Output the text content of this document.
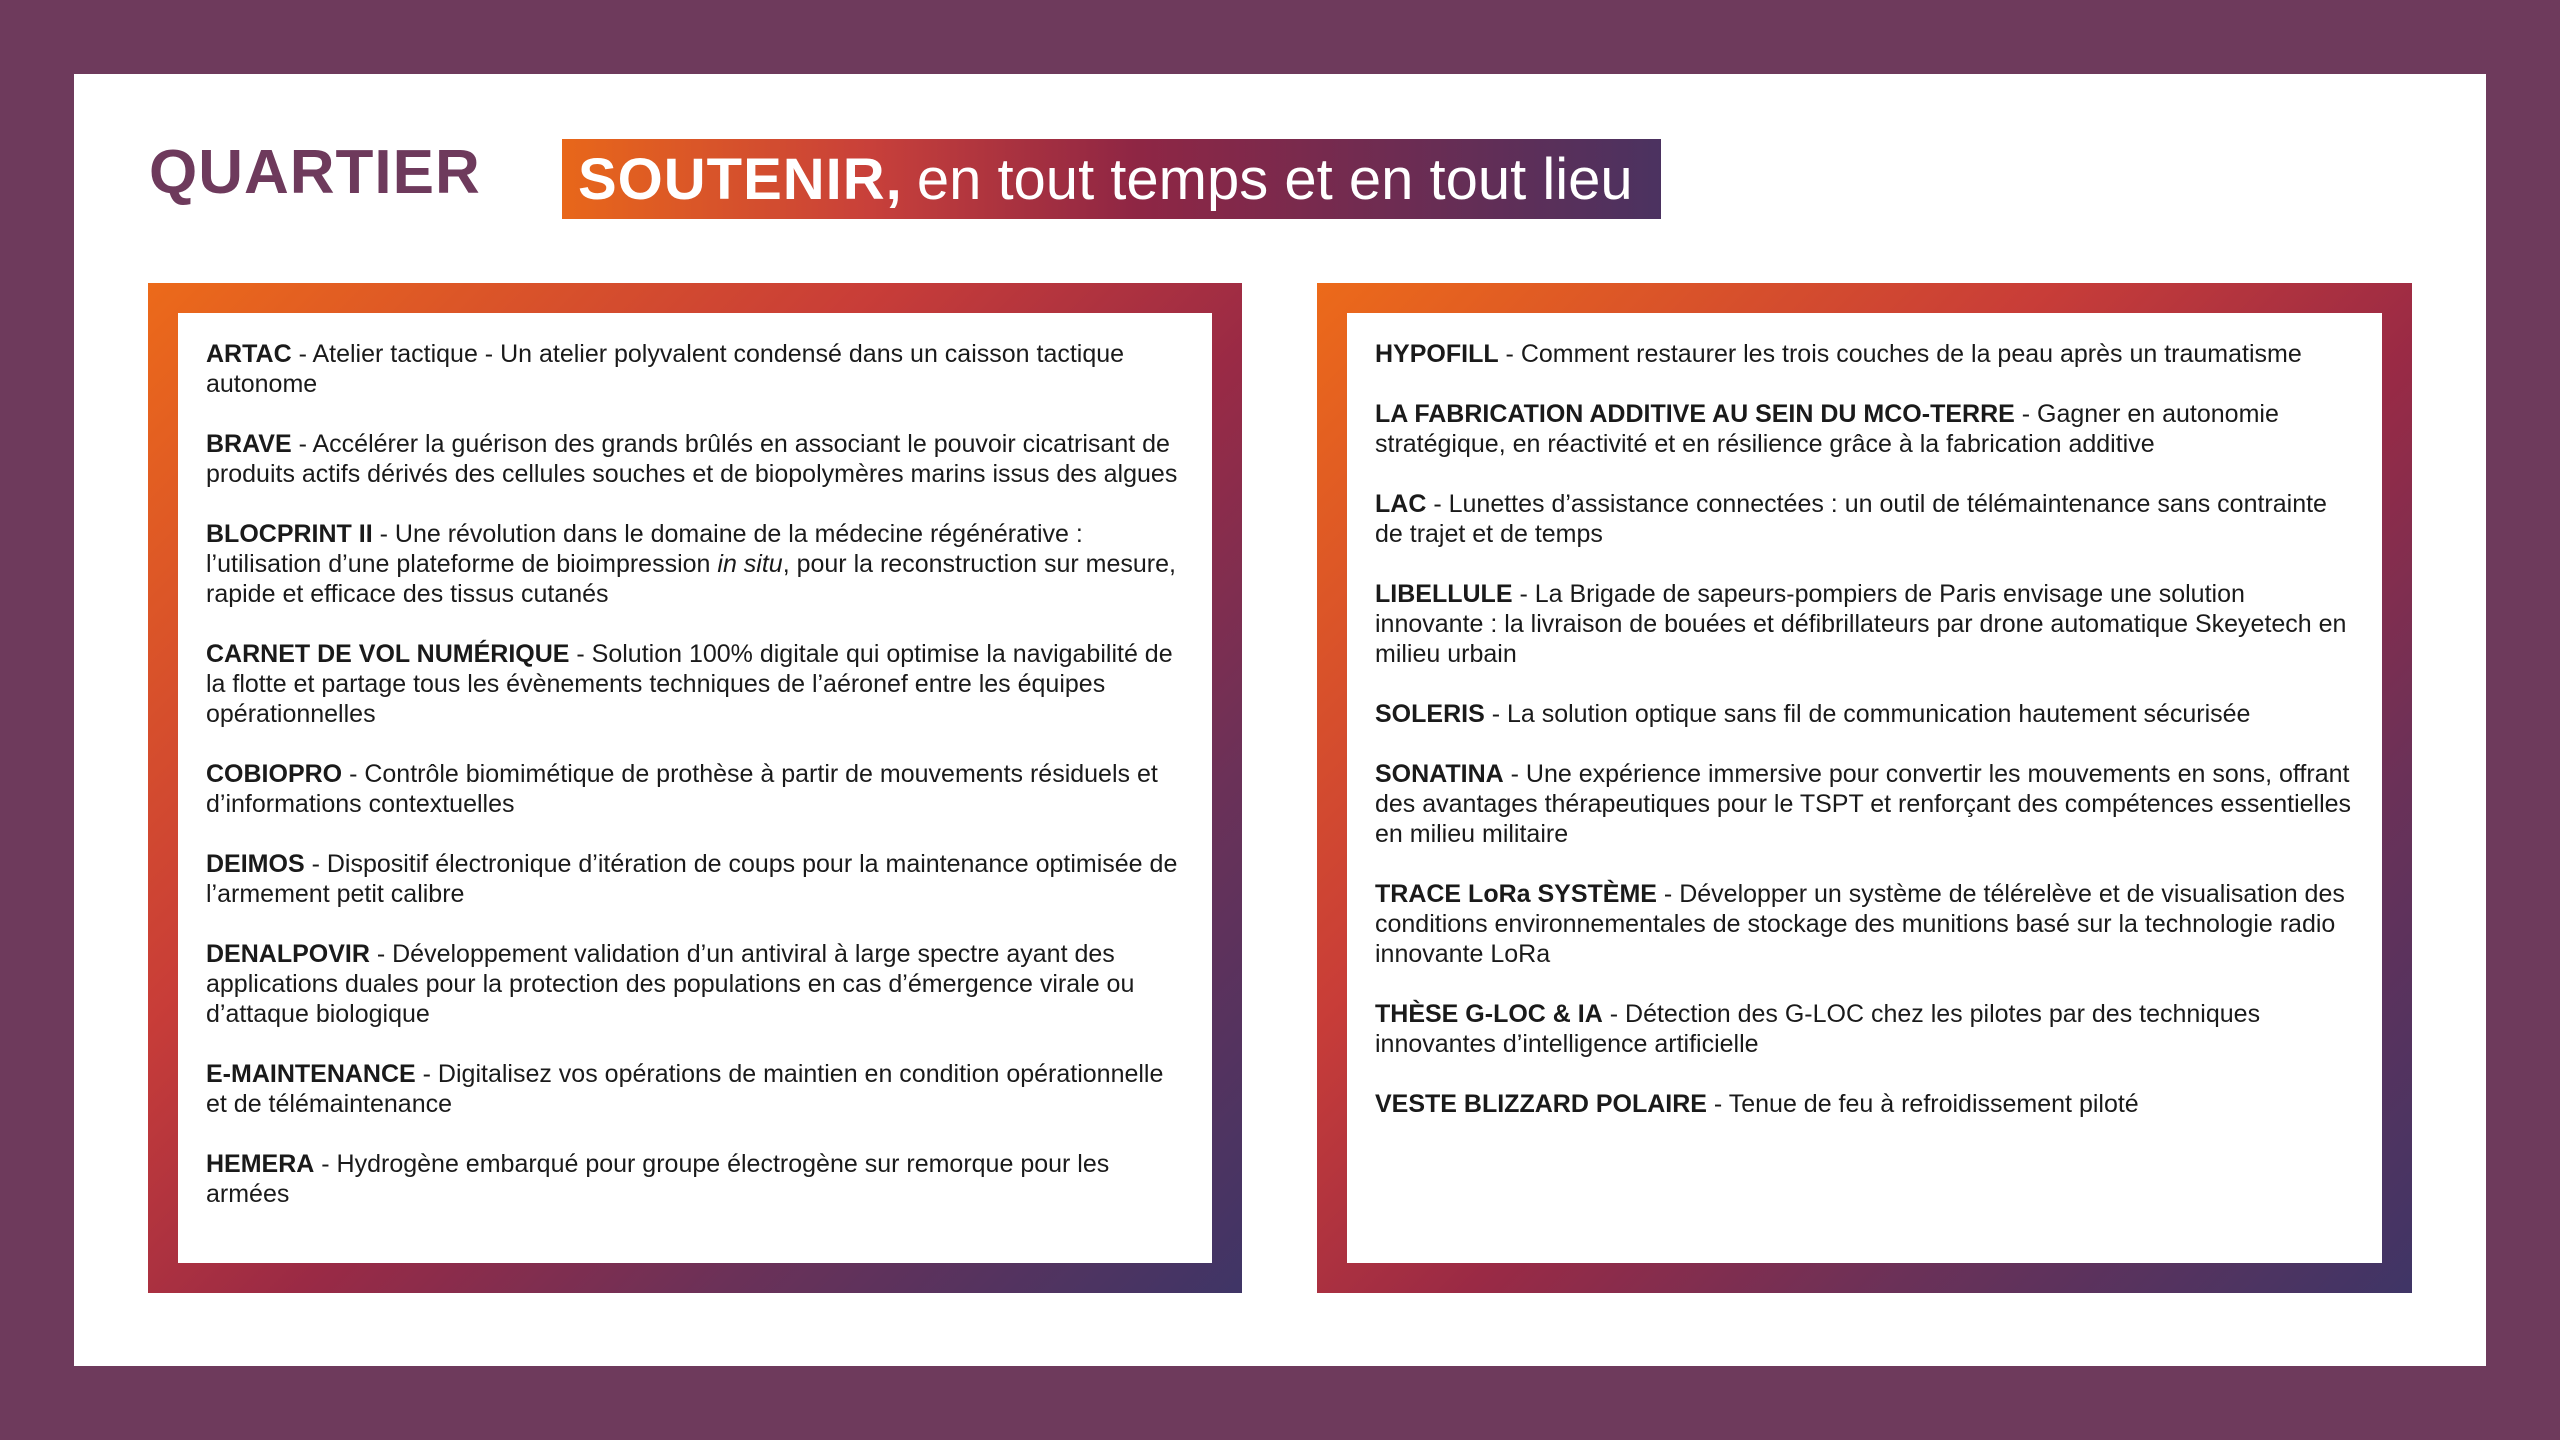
QUARTIER SOUTENIR, en tout temps et en tout lieu

ARTAC - Atelier tactique - Un atelier polyvalent condensé dans un caisson tactique autonome

BRAVE - Accélérer la guérison des grands brûlés en associant le pouvoir cicatrisant de produits actifs dérivés des cellules souches et de biopolymères marins issus des algues

BLOCPRINT II - Une révolution dans le domaine de la médecine régénérative : l’utilisation d’une plateforme de bioimpression in situ, pour la reconstruction sur mesure, rapide et efficace des tissus cutanés

CARNET DE VOL NUMÉRIQUE - Solution 100% digitale qui optimise la navigabilité de la flotte et partage tous les évènements techniques de l’aéronef entre les équipes opérationnelles

COBIOPRO - Contrôle biomimétique de prothèse à partir de mouvements résiduels et d’informations contextuelles

DEIMOS - Dispositif électronique d’itération de coups pour la maintenance optimisée de l’armement petit calibre

DENALPOVIR - Développement validation d’un antiviral à large spectre ayant des applications duales pour la protection des populations en cas d’émergence virale ou d’attaque biologique

E-MAINTENANCE - Digitalisez vos opérations de maintien en condition opérationnelle et de télémaintenance

HEMERA - Hydrogène embarqué pour groupe électrogène sur remorque pour les armées

HYPOFILL - Comment restaurer les trois couches de la peau après un traumatisme

LA FABRICATION ADDITIVE AU SEIN DU MCO-TERRE - Gagner en autonomie stratégique, en réactivité et en résilience grâce à la fabrication additive

LAC - Lunettes d’assistance connectées : un outil de télémaintenance sans contrainte de trajet et de temps

LIBELLULE - La Brigade de sapeurs-pompiers de Paris envisage une solution innovante : la livraison de bouées et défibrillateurs par drone automatique Skeyetech en milieu urbain

SOLERIS - La solution optique sans fil de communication hautement sécurisée

SONATINA - Une expérience immersive pour convertir les mouvements en sons, offrant des avantages thérapeutiques pour le TSPT et renforçant des compétences essentielles en milieu militaire

TRACE LoRa SYSTÈME - Développer un système de télérelève et de visualisation des conditions environnementales de stockage des munitions basé sur la technologie radio innovante LoRa

THÈSE G-LOC & IA - Détection des G-LOC chez les pilotes par des techniques innovantes d’intelligence artificielle

VESTE BLIZZARD POLAIRE - Tenue de feu à refroidissement piloté
